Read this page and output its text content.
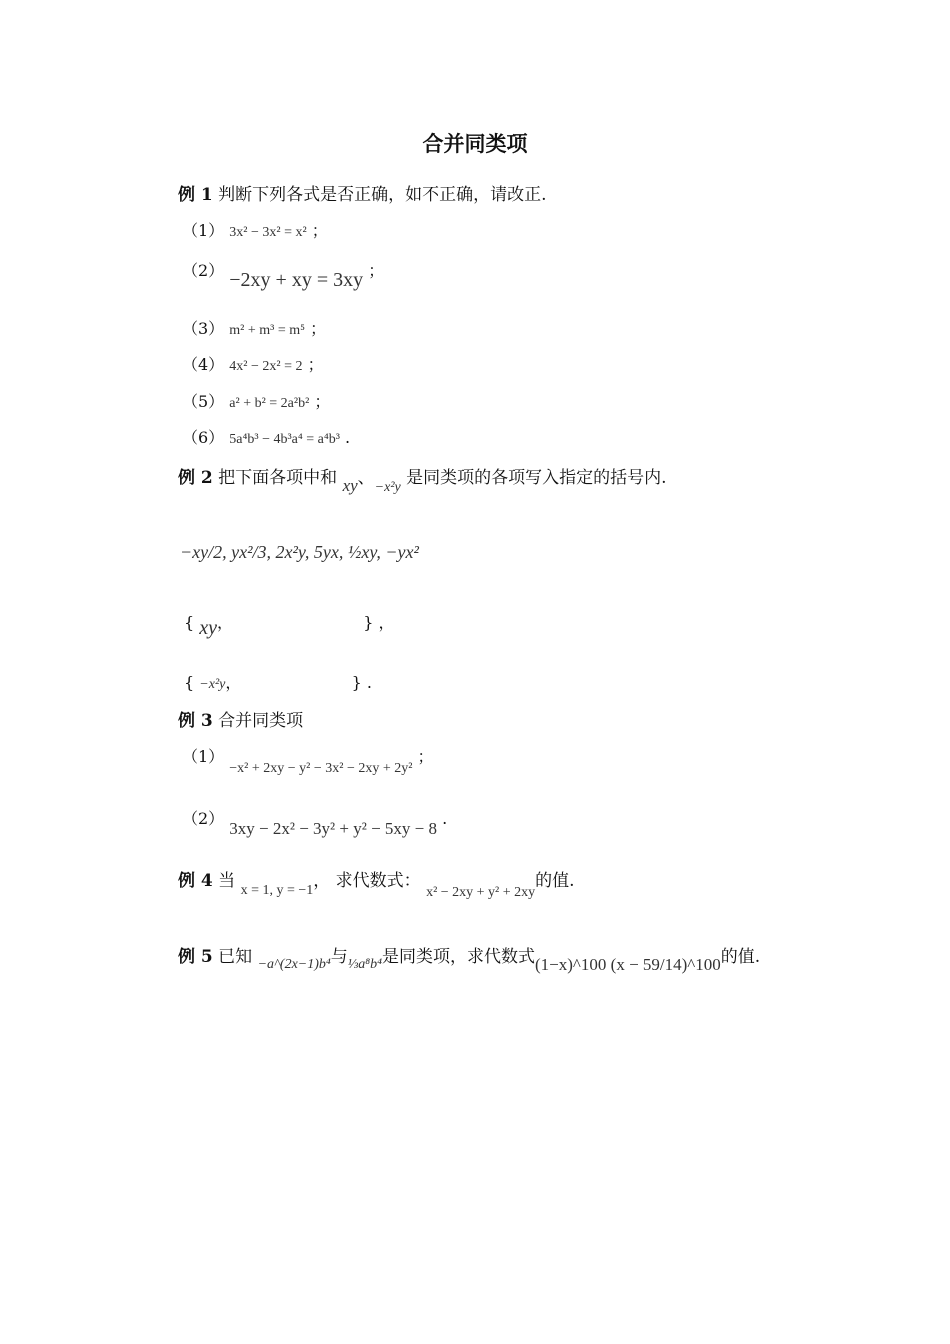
合并同类项
例 1 判断下列各式是否正确，如不正确，请改正.
（1） 3x² − 3x² = x² ；
（2） −2xy + xy = 3xy ；
（3） m² + m³ = m⁵ ；
（4） 4x² − 2x² = 2 ；
（5） a² + b² = 2a²b² ；
（6） 5a⁴b³ − 4b³a⁴ = a⁴b³ .
例 2 把下面各项中和 xy、$_{-x^2y}$ 是同类项的各项写入指定的括号内.
−xy/2, yx²/3, 2x²y, 5yx, ½xy, −yx²
{ xy，	} ，
{ −x²y，	} .
例 3 合并同类项
（1） −x² + 2xy − y² − 3x² − 2xy + 2y² ；
（2） 3xy − 2x² − 3y² + y² − 5xy − 8 .
例 4 当 $_{x = 1, y = -1}$， 求代数式： $_{x^2 - 2xy + y^2 + 2xy}$的值.
例 5 已知 $_{-a\^{}(2x-1)b^4}$与$_{\frac{1}{3}a^8b^4}$是同类项，求代数式(1−x)^100 (x − 59/14)^100的值.
